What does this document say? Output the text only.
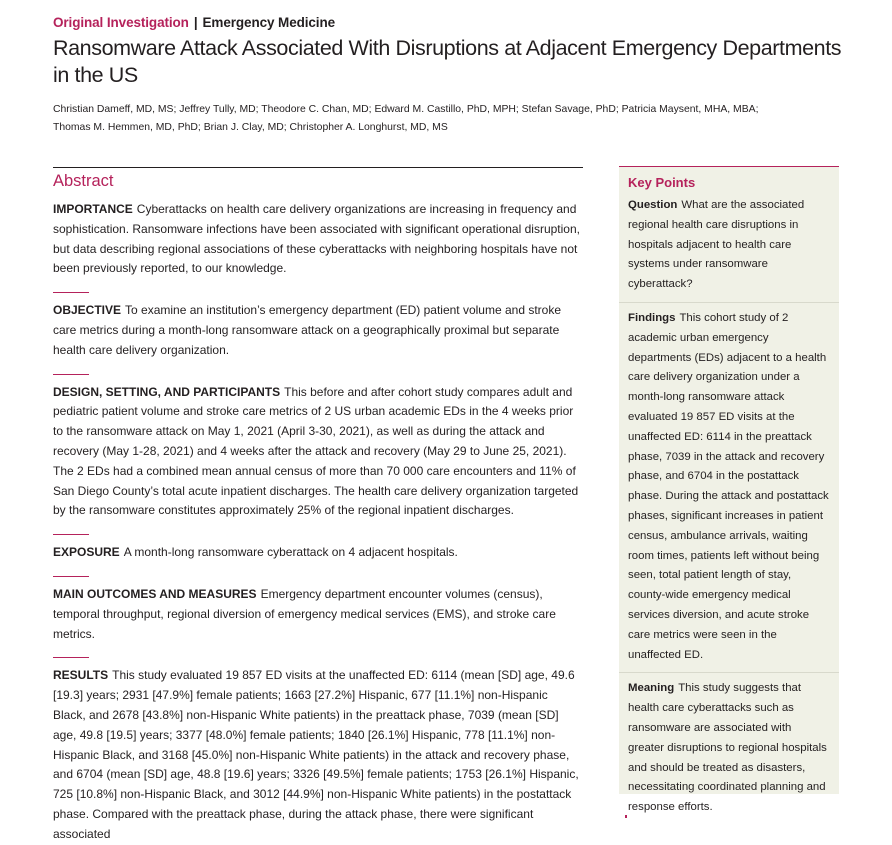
Original Investigation | Emergency Medicine
Ransomware Attack Associated With Disruptions at Adjacent Emergency Departments in the US
Christian Dameff, MD, MS; Jeffrey Tully, MD; Theodore C. Chan, MD; Edward M. Castillo, PhD, MPH; Stefan Savage, PhD; Patricia Maysent, MHA, MBA;
Thomas M. Hemmen, MD, PhD; Brian J. Clay, MD; Christopher A. Longhurst, MD, MS
Abstract

IMPORTANCE Cyberattacks on health care delivery organizations are increasing in frequency and sophistication. Ransomware infections have been associated with significant operational disruption, but data describing regional associations of these cyberattacks with neighboring hospitals have not been previously reported, to our knowledge.

OBJECTIVE To examine an institution’s emergency department (ED) patient volume and stroke care metrics during a month-long ransomware attack on a geographically proximal but separate health care delivery organization.

DESIGN, SETTING, AND PARTICIPANTS This before and after cohort study compares adult and pediatric patient volume and stroke care metrics of 2 US urban academic EDs in the 4 weeks prior to the ransomware attack on May 1, 2021 (April 3-30, 2021), as well as during the attack and recovery (May 1-28, 2021) and 4 weeks after the attack and recovery (May 29 to June 25, 2021). The 2 EDs had a combined mean annual census of more than 70 000 care encounters and 11% of San Diego County’s total acute inpatient discharges. The health care delivery organization targeted by the ransomware constitutes approximately 25% of the regional inpatient discharges.

EXPOSURE A month-long ransomware cyberattack on 4 adjacent hospitals.

MAIN OUTCOMES AND MEASURES Emergency department encounter volumes (census), temporal throughput, regional diversion of emergency medical services (EMS), and stroke care metrics.

RESULTS This study evaluated 19 857 ED visits at the unaffected ED: 6114 (mean [SD] age, 49.6 [19.3] years; 2931 [47.9%] female patients; 1663 [27.2%] Hispanic, 677 [11.1%] non-Hispanic Black, and 2678 [43.8%] non-Hispanic White patients) in the preattack phase, 7039 (mean [SD] age, 49.8 [19.5] years; 3377 [48.0%] female patients; 1840 [26.1%] Hispanic, 778 [11.1%] non-Hispanic Black, and 3168 [45.0%] non-Hispanic White patients) in the attack and recovery phase, and 6704 (mean [SD] age, 48.8 [19.6] years; 3326 [49.5%] female patients; 1753 [26.1%] Hispanic, 725 [10.8%] non-Hispanic Black, and 3012 [44.9%] non-Hispanic White patients) in the postattack phase. Compared with the preattack phase, during the attack phase, there were significant associated

Key Points

Question What are the associated regional health care disruptions in hospitals adjacent to health care systems under ransomware cyberattack?

Findings This cohort study of 2 academic urban emergency departments (EDs) adjacent to a health care delivery organization under a month-long ransomware attack evaluated 19 857 ED visits at the unaffected ED: 6114 in the preattack phase, 7039 in the attack and recovery phase, and 6704 in the postattack phase. During the attack and postattack phases, significant increases in patient census, ambulance arrivals, waiting room times, patients left without being seen, total patient length of stay, county-wide emergency medical services diversion, and acute stroke care metrics were seen in the unaffected ED.

Meaning This study suggests that health care cyberattacks such as ransomware are associated with greater disruptions to regional hospitals and should be treated as disasters, necessitating coordinated planning and response efforts.
